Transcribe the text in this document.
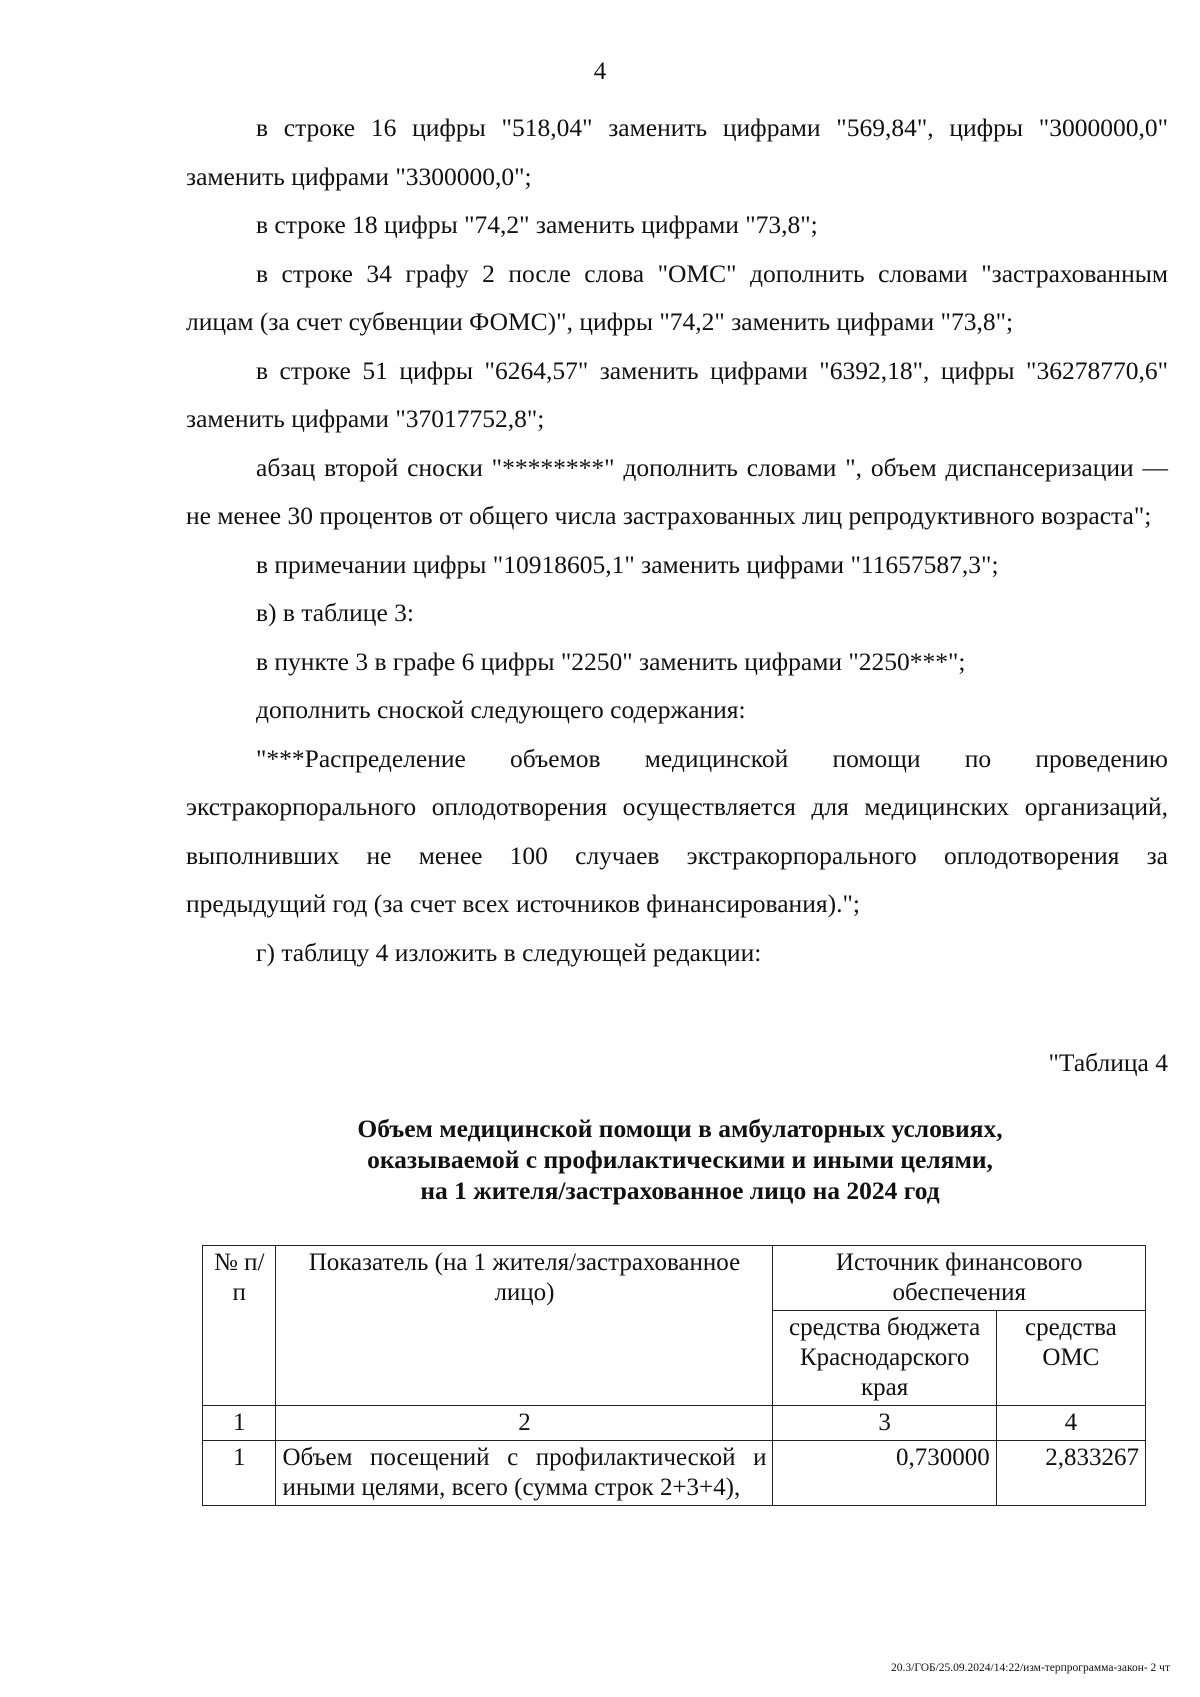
4

в строке 16 цифры "518,04" заменить цифрами "569,84", цифры "3000000,0" заменить цифрами "3300000,0";

в строке 18 цифры "74,2" заменить цифрами "73,8";

в строке 34 графу 2 после слова "ОМС" дополнить словами "застрахованным лицам (за счет субвенции ФОМС)", цифры "74,2" заменить цифрами "73,8";

в строке 51 цифры "6264,57" заменить цифрами "6392,18", цифры "36278770,6" заменить цифрами "37017752,8";

абзац второй сноски "********" дополнить словами ", объем диспансеризации — не менее 30 процентов от общего числа застрахованных лиц репродуктивного возраста";

в примечании цифры "10918605,1" заменить цифрами "11657587,3";

в) в таблице 3:

в пункте 3 в графе 6 цифры "2250" заменить цифрами "2250***";

дополнить сноской следующего содержания:

"***Распределение объемов медицинской помощи по проведению экстракорпорального оплодотворения осуществляется для медицинских организаций, выполнивших не менее 100 случаев экстракорпорального оплодотворения за предыдущий год (за счет всех источников финансирования).";

г) таблицу 4 изложить в следующей редакции:

"Таблица 4
Объем медицинской помощи в амбулаторных условиях,
оказываемой с профилактическими и иными целями,
на 1 жителя/застрахованное лицо на 2024 год
№ п/п	Показатель (на 1 жителя/застрахованное лицо)	Источник финансового обеспечения	
		средства бюджета Краснодарского края	средства ОМС
1	2	3	4
1	Объем посещений с профилактической и иными целями, всего (сумма строк 2+3+4),	0,730000	2,833267
20.3/ГОБ/25.09.2024/14:22/изм-терпрограмма-закон- 2 чт
